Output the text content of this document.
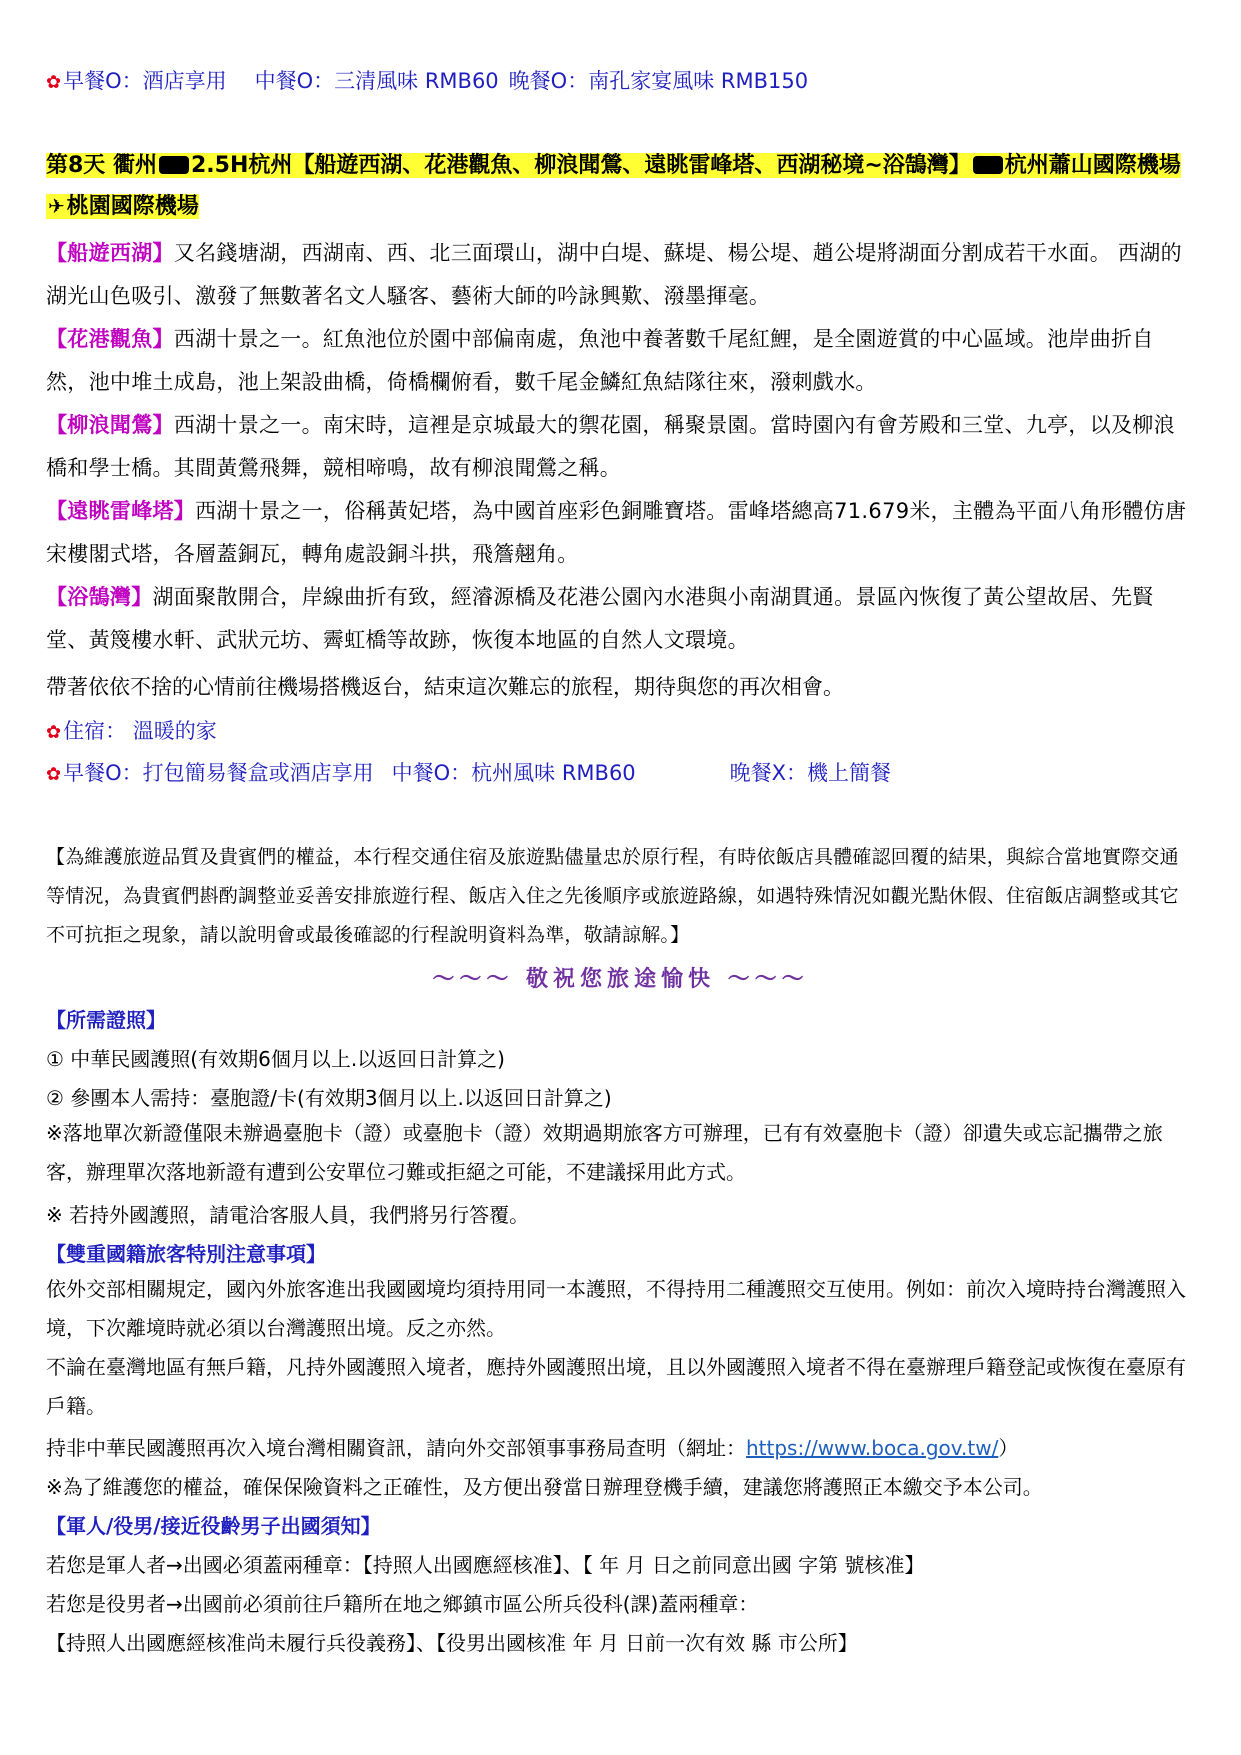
✿早餐O：酒店享用 中餐O：三清風味 RMB60 晚餐O：南孔家宴風味 RMB150
第8天 衢州 2.5H杭州【船遊西湖、花港觀魚、柳浪聞鶯、遠眺雷峰塔、西湖秘境~浴鵠灣】 杭州蕭山國際機場✈桃園國際機場
【船遊西湖】又名錢塘湖，西湖南、西、北三面環山，湖中白堤、蘇堤、楊公堤、趙公堤將湖面分割成若干水面。 西湖的湖光山色吸引、激發了無數著名文人騷客、藝術大師的吟詠興歎、潑墨揮毫。
【花港觀魚】西湖十景之一。紅魚池位於園中部偏南處，魚池中養著數千尾紅鯉，是全園遊賞的中心區域。池岸曲折自然，池中堆土成島，池上架設曲橋，倚橋欄俯看，數千尾金鱗紅魚結隊往來，潑刺戲水。
【柳浪聞鶯】西湖十景之一。南宋時，這裡是京城最大的禦花園，稱聚景園。當時園內有會芳殿和三堂、九亭，以及柳浪橋和學士橋。其間黃鶯飛舞，競相啼鳴，故有柳浪聞鶯之稱。
【遠眺雷峰塔】西湖十景之一，俗稱黃妃塔，為中國首座彩色銅雕寶塔。雷峰塔總高71.679米，主體為平面八角形體仿唐宋樓閣式塔，各層蓋銅瓦，轉角處設銅斗拱，飛簷翹角。
【浴鵠灣】湖面聚散開合，岸線曲折有致，經濬源橋及花港公園內水港與小南湖貫通。景區內恢復了黃公望故居、先賢堂、黃篾樓水軒、武狀元坊、霽虹橋等故跡，恢復本地區的自然人文環境。
帶著依依不捨的心情前往機場搭機返台，結束這次難忘的旅程，期待與您的再次相會。
✿住宿： 溫暖的家
✿早餐O：打包簡易餐盒或酒店享用 中餐O：杭州風味 RMB60	晚餐X：機上簡餐
【為維護旅遊品質及貴賓們的權益，本行程交通住宿及旅遊點儘量忠於原行程，有時依飯店具體確認回覆的結果，與綜合當地實際交通等情況，為貴賓們斟酌調整並妥善安排旅遊行程、飯店入住之先後順序或旅遊路線，如遇特殊情況如觀光點休假、住宿飯店調整或其它不可抗拒之現象，請以說明會或最後確認的行程說明資料為準，敬請諒解。】
～～～ 敬祝您旅途愉快 ～～～
【所需證照】
① 中華民國護照(有效期6個月以上.以返回日計算之)
② 參團本人需持：臺胞證/卡(有效期3個月以上.以返回日計算之)
※落地單次新證僅限未辦過臺胞卡（證）或臺胞卡（證）效期過期旅客方可辦理，已有有效臺胞卡（證）卻遺失或忘記攜帶之旅客，辦理單次落地新證有遭到公安單位刁難或拒絕之可能，不建議採用此方式。
※ 若持外國護照，請電洽客服人員，我們將另行答覆。
【雙重國籍旅客特別注意事項】
依外交部相關規定，國內外旅客進出我國國境均須持用同一本護照，不得持用二種護照交互使用。例如：前次入境時持台灣護照入境，下次離境時就必須以台灣護照出境。反之亦然。
不論在臺灣地區有無戶籍，凡持外國護照入境者，應持外國護照出境，且以外國護照入境者不得在臺辦理戶籍登記或恢復在臺原有戶籍。
持非中華民國護照再次入境台灣相關資訊，請向外交部領事事務局查明（網址：https://www.boca.gov.tw/）
※為了維護您的權益，確保保險資料之正確性，及方便出發當日辦理登機手續，建議您將護照正本繳交予本公司。
【軍人/役男/接近役齡男子出國須知】
若您是軍人者→出國必須蓋兩種章：【持照人出國應經核准】、【 年 月 日之前同意出國 字第 號核准】
若您是役男者→出國前必須前往戶籍所在地之鄉鎮市區公所兵役科(課)蓋兩種章：
【持照人出國應經核准尚未履行兵役義務】、【役男出國核准 年 月 日前一次有效 縣 市公所】
